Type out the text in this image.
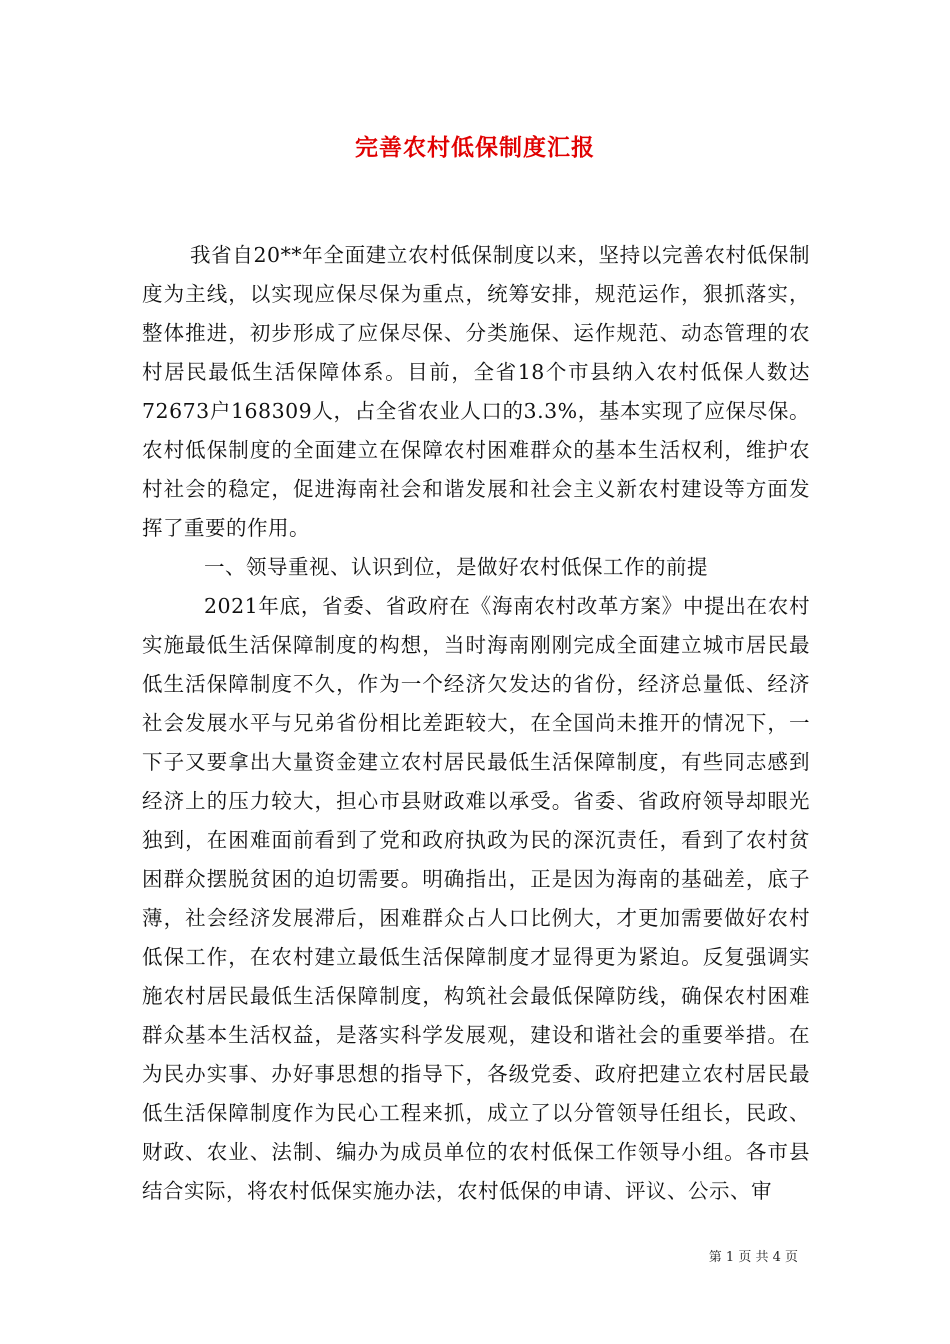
完善农村低保制度汇报

我省自20**年全面建立农村低保制度以来，坚持以完善农村低保制度为主线，以实现应保尽保为重点，统筹安排，规范运作，狠抓落实，整体推进，初步形成了应保尽保、分类施保、运作规范、动态管理的农村居民最低生活保障体系。目前，全省18个市县纳入农村低保人数达72673户168309人，占全省农业人口的3.3%，基本实现了应保尽保。农村低保制度的全面建立在保障农村困难群众的基本生活权利，维护农村社会的稳定，促进海南社会和谐发展和社会主义新农村建设等方面发挥了重要的作用。

一、领导重视、认识到位，是做好农村低保工作的前提

2021年底，省委、省政府在《海南农村改革方案》中提出在农村实施最低生活保障制度的构想，当时海南刚刚完成全面建立城市居民最低生活保障制度不久，作为一个经济欠发达的省份，经济总量低、经济社会发展水平与兄弟省份相比差距较大，在全国尚未推开的情况下，一下子又要拿出大量资金建立农村居民最低生活保障制度，有些同志感到经济上的压力较大，担心市县财政难以承受。省委、省政府领导却眼光独到，在困难面前看到了党和政府执政为民的深沉责任，看到了农村贫困群众摆脱贫困的迫切需要。明确指出，正是因为海南的基础差，底子薄，社会经济发展滞后，困难群众占人口比例大，才更加需要做好农村低保工作，在农村建立最低生活保障制度才显得更为紧迫。反复强调实施农村居民最低生活保障制度，构筑社会最低保障防线，确保农村困难群众基本生活权益，是落实科学发展观，建设和谐社会的重要举措。在为民办实事、办好事思想的指导下，各级党委、政府把建立农村居民最低生活保障制度作为民心工程来抓，成立了以分管领导任组长，民政、财政、农业、法制、编办为成员单位的农村低保工作领导小组。各市县结合实际，将农村低保实施办法，农村低保的申请、评议、公示、审

第 1 页 共 4 页
